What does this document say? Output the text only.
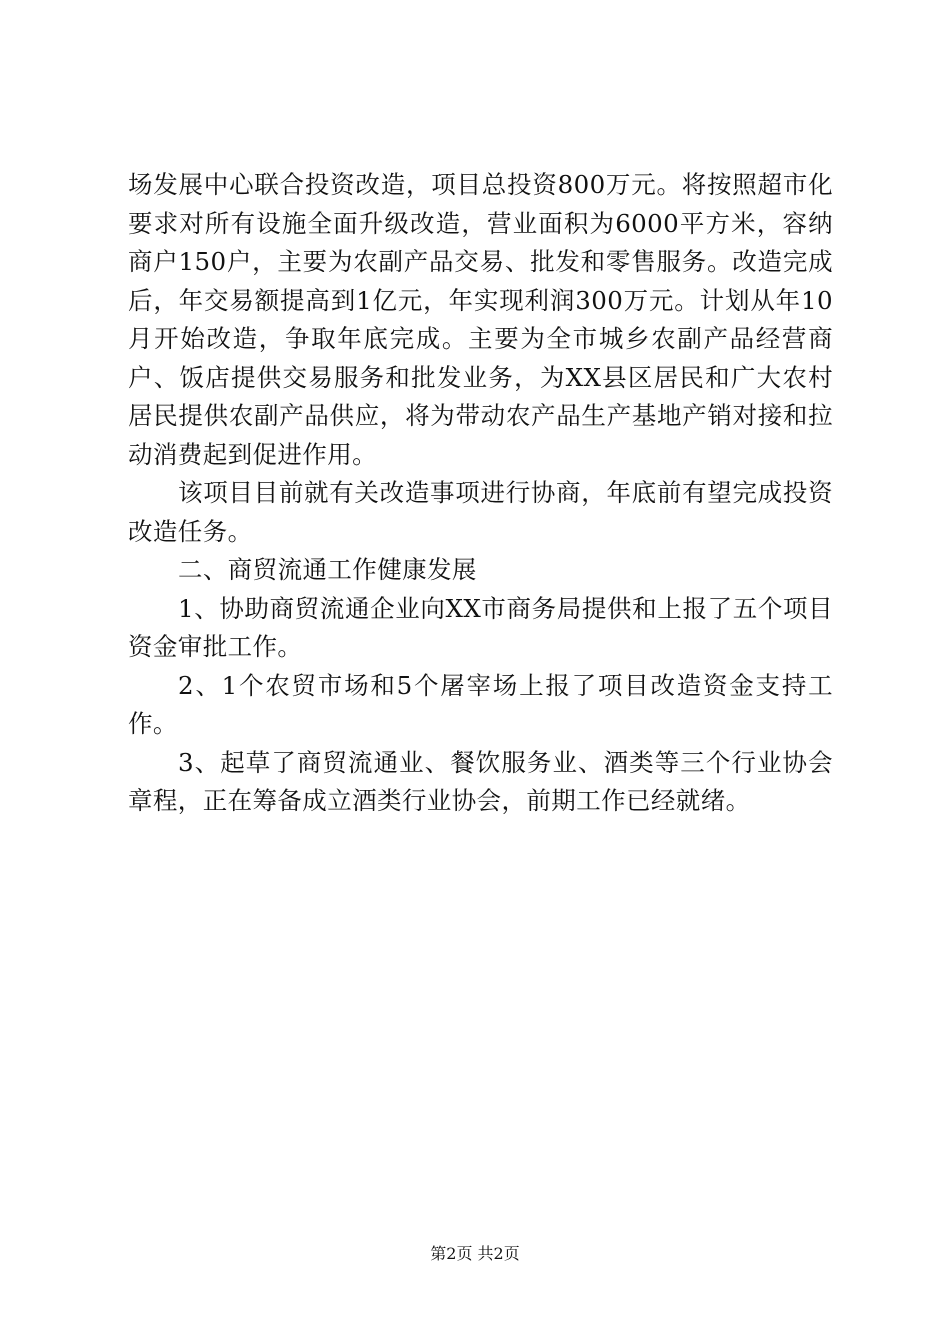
场发展中心联合投资改造，项目总投资800万元。将按照超市化要求对所有设施全面升级改造，营业面积为6000平方米，容纳商户150户，主要为农副产品交易、批发和零售服务。改造完成后，年交易额提高到1亿元，年实现利润300万元。计划从年10月开始改造，争取年底完成。主要为全市城乡农副产品经营商户、饭店提供交易服务和批发业务，为XX县区居民和广大农村居民提供农副产品供应，将为带动农产品生产基地产销对接和拉动消费起到促进作用。

该项目目前就有关改造事项进行协商，年底前有望完成投资改造任务。

二、商贸流通工作健康发展

1、协助商贸流通企业向XX市商务局提供和上报了五个项目资金审批工作。

2、1个农贸市场和5个屠宰场上报了项目改造资金支持工作。

3、起草了商贸流通业、餐饮服务业、酒类等三个行业协会章程，正在筹备成立酒类行业协会，前期工作已经就绪。

第2页 共2页
